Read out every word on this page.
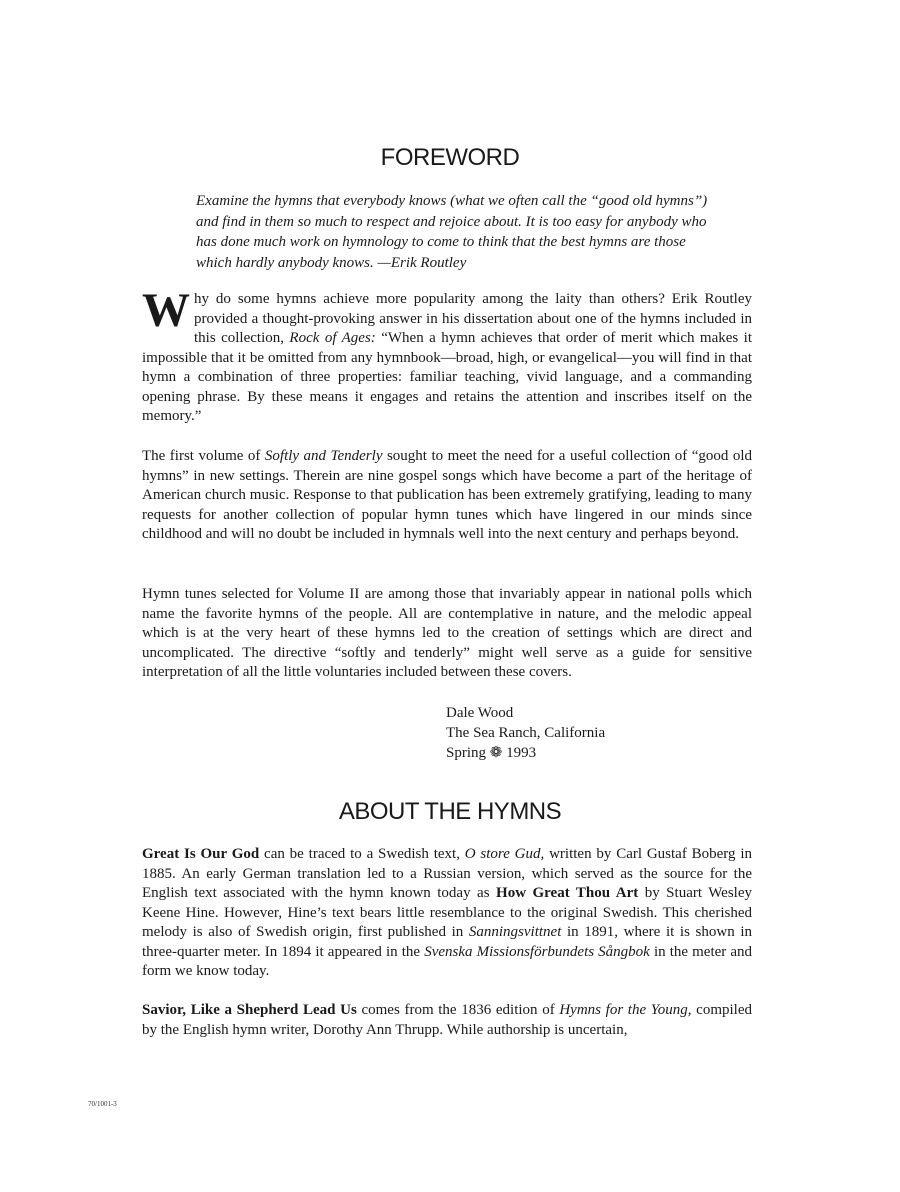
FOREWORD

Examine the hymns that everybody knows (what we often call the “good old hymns”) and find in them so much to respect and rejoice about. It is too easy for anybody who has done much work on hymnology to come to think that the best hymns are those which hardly anybody knows. —Erik Routley

Why do some hymns achieve more popularity among the laity than others? Erik Routley provided a thought-provoking answer in his dissertation about one of the hymns included in this collection, Rock of Ages: “When a hymn achieves that order of merit which makes it impossible that it be omitted from any hymnbook—broad, high, or evangelical—you will find in that hymn a combination of three properties: familiar teaching, vivid language, and a commanding opening phrase. By these means it engages and retains the attention and inscribes itself on the memory.”

The first volume of Softly and Tenderly sought to meet the need for a useful collection of “good old hymns” in new settings. Therein are nine gospel songs which have become a part of the heritage of American church music. Response to that publication has been extremely gratifying, leading to many requests for another collection of popular hymn tunes which have lingered in our minds since childhood and will no doubt be included in hymnals well into the next century and perhaps beyond.

Hymn tunes selected for Volume II are among those that invariably appear in national polls which name the favorite hymns of the people. All are contemplative in nature, and the melodic appeal which is at the very heart of these hymns led to the creation of settings which are direct and uncomplicated. The directive “softly and tenderly” might well serve as a guide for sensitive interpretation of all the little voluntaries included between these covers.

Dale Wood
The Sea Ranch, California
Spring ❁ 1993
ABOUT THE HYMNS

Great Is Our God can be traced to a Swedish text, O store Gud, written by Carl Gustaf Boberg in 1885. An early German translation led to a Russian version, which served as the source for the English text associated with the hymn known today as How Great Thou Art by Stuart Wesley Keene Hine. However, Hine’s text bears little resemblance to the original Swedish. This cherished melody is also of Swedish origin, first published in Sanningsvittnet in 1891, where it is shown in three-quarter meter. In 1894 it appeared in the Svenska Missionsförbundets Sångbok in the meter and form we know today.

Savior, Like a Shepherd Lead Us comes from the 1836 edition of Hymns for the Young, compiled by the English hymn writer, Dorothy Ann Thrupp. While authorship is uncertain,

70/1001-3
